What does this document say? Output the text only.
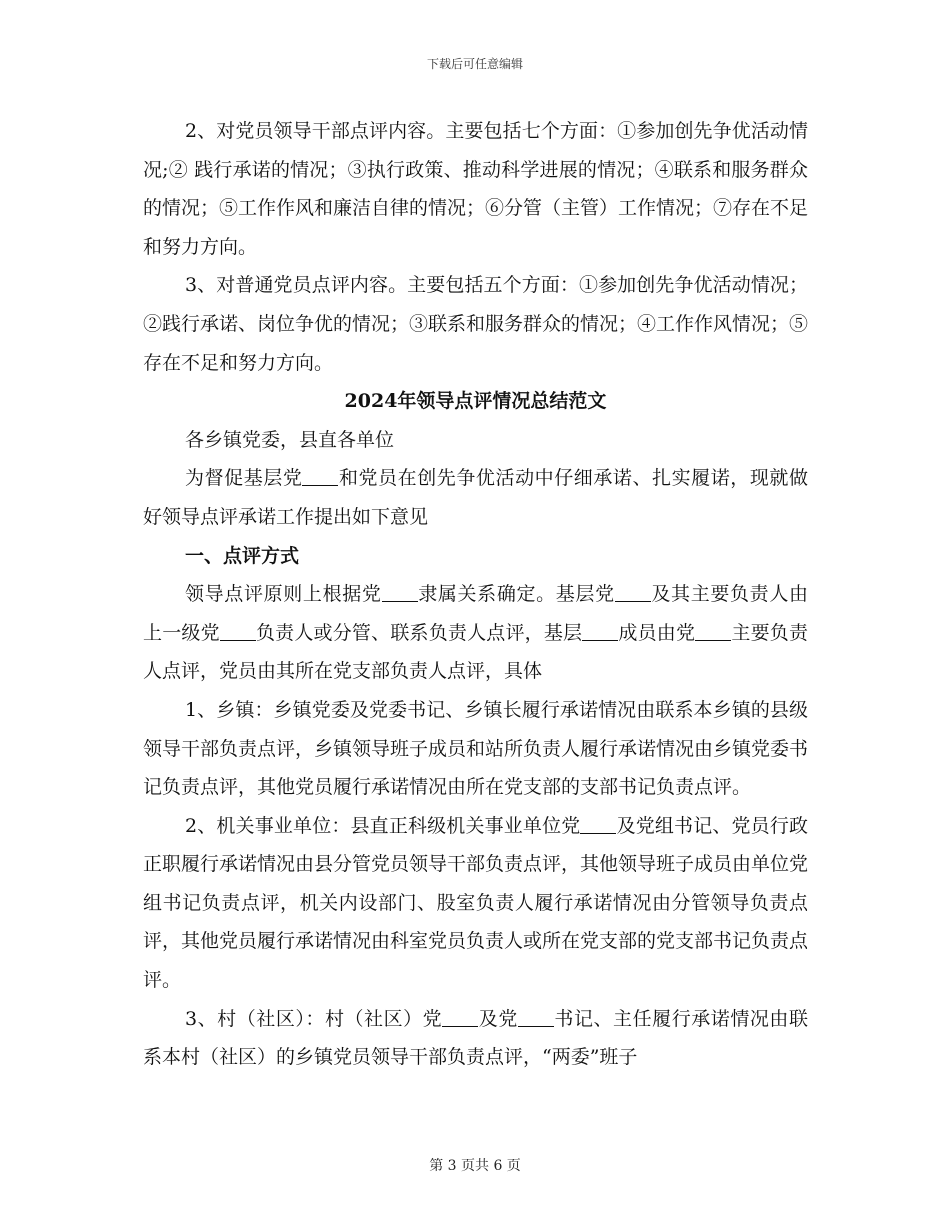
下载后可任意编辑

2、对党员领导干部点评内容。主要包括七个方面：①参加创先争优活动情况;② 践行承诺的情况；③执行政策、推动科学进展的情况；④联系和服务群众的情况；⑤工作作风和廉洁自律的情况；⑥分管（主管）工作情况；⑦存在不足和努力方向。

3、对普通党员点评内容。主要包括五个方面：①参加创先争优活动情况；②践行承诺、岗位争优的情况；③联系和服务群众的情况；④工作作风情况；⑤存在不足和努力方向。

2024年领导点评情况总结范文

各乡镇党委，县直各单位

为督促基层党 和党员在创先争优活动中仔细承诺、扎实履诺，现就做好领导点评承诺工作提出如下意见

一、点评方式

领导点评原则上根据党 隶属关系确定。基层党 及其主要负责人由上一级党 负责人或分管、联系负责人点评，基层 成员由党 主要负责人点评，党员由其所在党支部负责人点评，具体

1、乡镇：乡镇党委及党委书记、乡镇长履行承诺情况由联系本乡镇的县级领导干部负责点评，乡镇领导班子成员和站所负责人履行承诺情况由乡镇党委书记负责点评，其他党员履行承诺情况由所在党支部的支部书记负责点评。

2、机关事业单位：县直正科级机关事业单位党 及党组书记、党员行政正职履行承诺情况由县分管党员领导干部负责点评，其他领导班子成员由单位党组书记负责点评，机关内设部门、股室负责人履行承诺情况由分管领导负责点评，其他党员履行承诺情况由科室党员负责人或所在党支部的党支部书记负责点评。

3、村（社区）：村（社区）党 及党 书记、主任履行承诺情况由联系本村（社区）的乡镇党员领导干部负责点评，“两委”班子

第 3 页共 6 页
